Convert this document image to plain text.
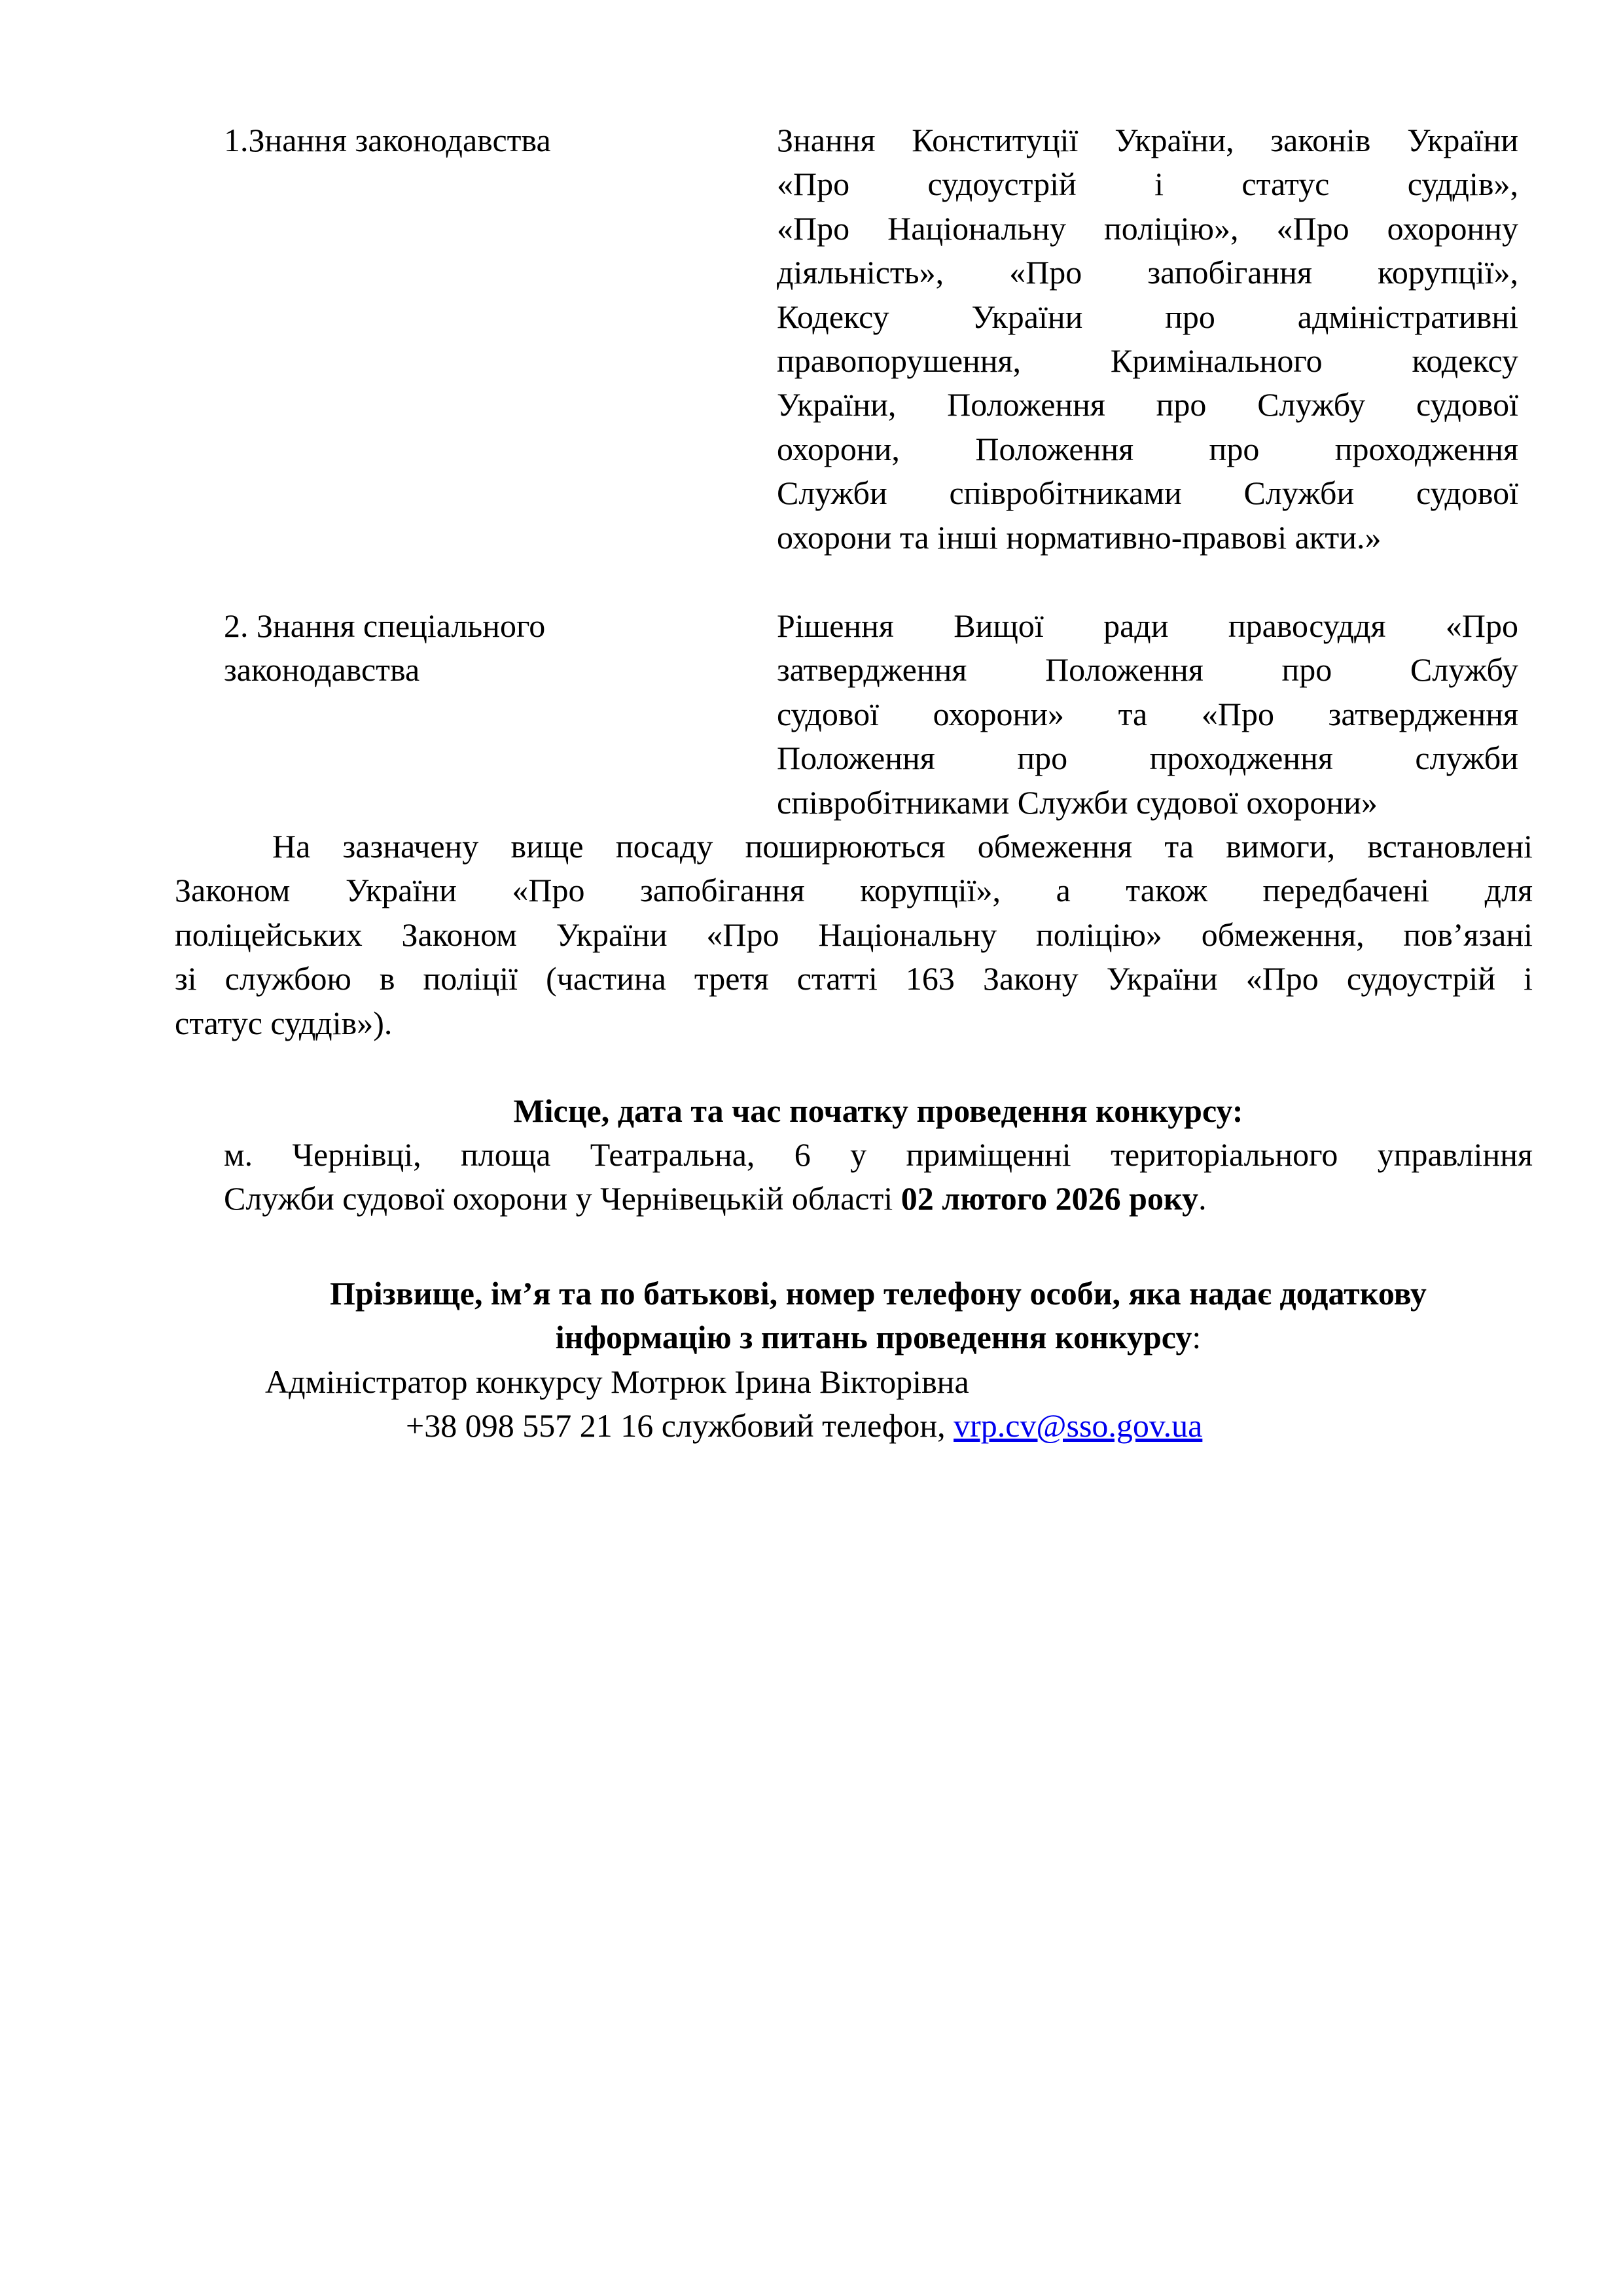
1.Знання законодавства	Знання Конституції України, законів України
«Про судоустрій і статус суддів»,
«Про Національну поліцію», «Про охоронну
діяльність», «Про запобігання корупції»,
Кодексу України про адміністративні
правопорушення, Кримінального кодексу
України, Положення про Службу судової
охорони, Положення про проходження
Служби співробітниками Служби судової
охорони та інші нормативно-правові акти.»
2. Знання спеціального
законодавства
Рішення Вищої ради правосуддя «Про
затвердження Положення про Службу
судової охорони» та «Про затвердження
Положення про проходження служби
співробітниками Служби судової охорони»
На зазначену вище посаду поширюються обмеження та вимоги, встановлені
Законом України «Про запобігання корупції», а також передбачені для
поліцейських Законом України «Про Національну поліцію» обмеження, пов’язані
зі службою в поліції (частина третя статті 163 Закону України «Про судоустрій і
статус суддів»).
Місце, дата та час початку проведення конкурсу:
м. Чернівці, площа Театральна, 6 у приміщенні територіального управління
Служби судової охорони у Чернівецькій області 02 лютого 2026 року.
Прізвище, ім’я та по батькові, номер телефону особи, яка надає додаткову
інформацію з питань проведення конкурсу:
Адміністратор конкурсу Мотрюк Ірина Вікторівна
+38 098 557 21 16 службовий телефон, vrp.cv@sso.gov.ua
